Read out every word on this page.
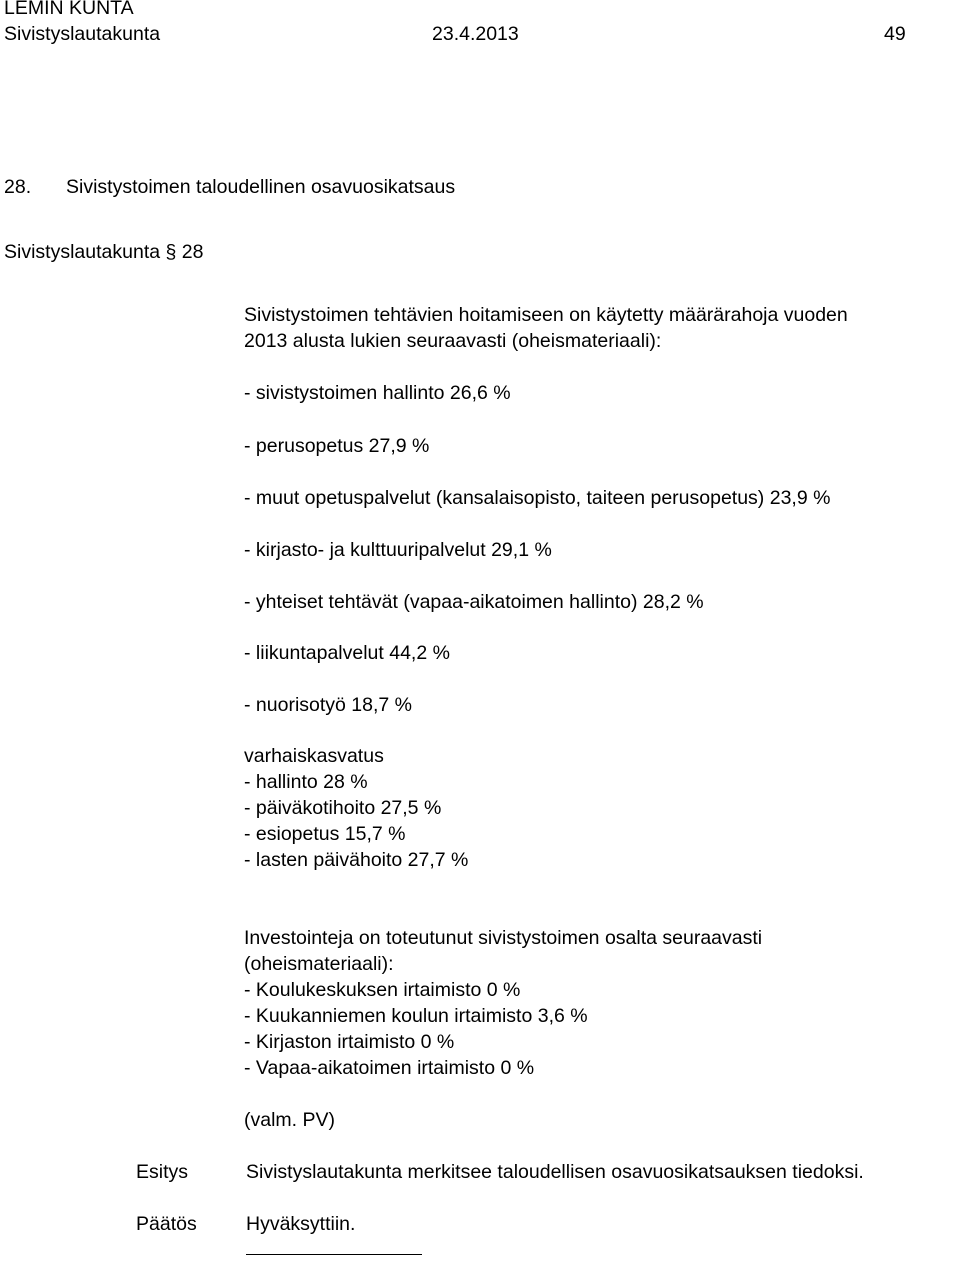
LEMIN KUNTA
Sivistyslautakunta	23.4.2013	49
28. Sivistystoimen taloudellinen osavuosikatsaus
Sivistyslautakunta § 28
Sivistystoimen tehtävien hoitamiseen on käytetty määrärahoja vuoden
2013 alusta lukien seuraavasti (oheismateriaali):
- sivistystoimen hallinto 26,6 %
- perusopetus 27,9 %
- muut opetuspalvelut (kansalaisopisto, taiteen perusopetus) 23,9 %
- kirjasto- ja kulttuuripalvelut 29,1 %
- yhteiset tehtävät (vapaa-aikatoimen hallinto) 28,2 %
- liikuntapalvelut 44,2 %
- nuorisotyö 18,7 %
varhaiskasvatus
- hallinto 28 %
- päiväkotihoito 27,5 %
- esiopetus 15,7 %
- lasten päivähoito 27,7 %
Investointeja on toteutunut sivistystoimen osalta seuraavasti
(oheismateriaali):
- Koulukeskuksen irtaimisto 0 %
- Kuukanniemen koulun irtaimisto 3,6 %
- Kirjaston irtaimisto 0 %
- Vapaa-aikatoimen irtaimisto 0 %
(valm. PV)
Esitys	Sivistyslautakunta merkitsee taloudellisen osavuosikatsauksen tiedoksi.
Päätös	Hyväksyttiin.
